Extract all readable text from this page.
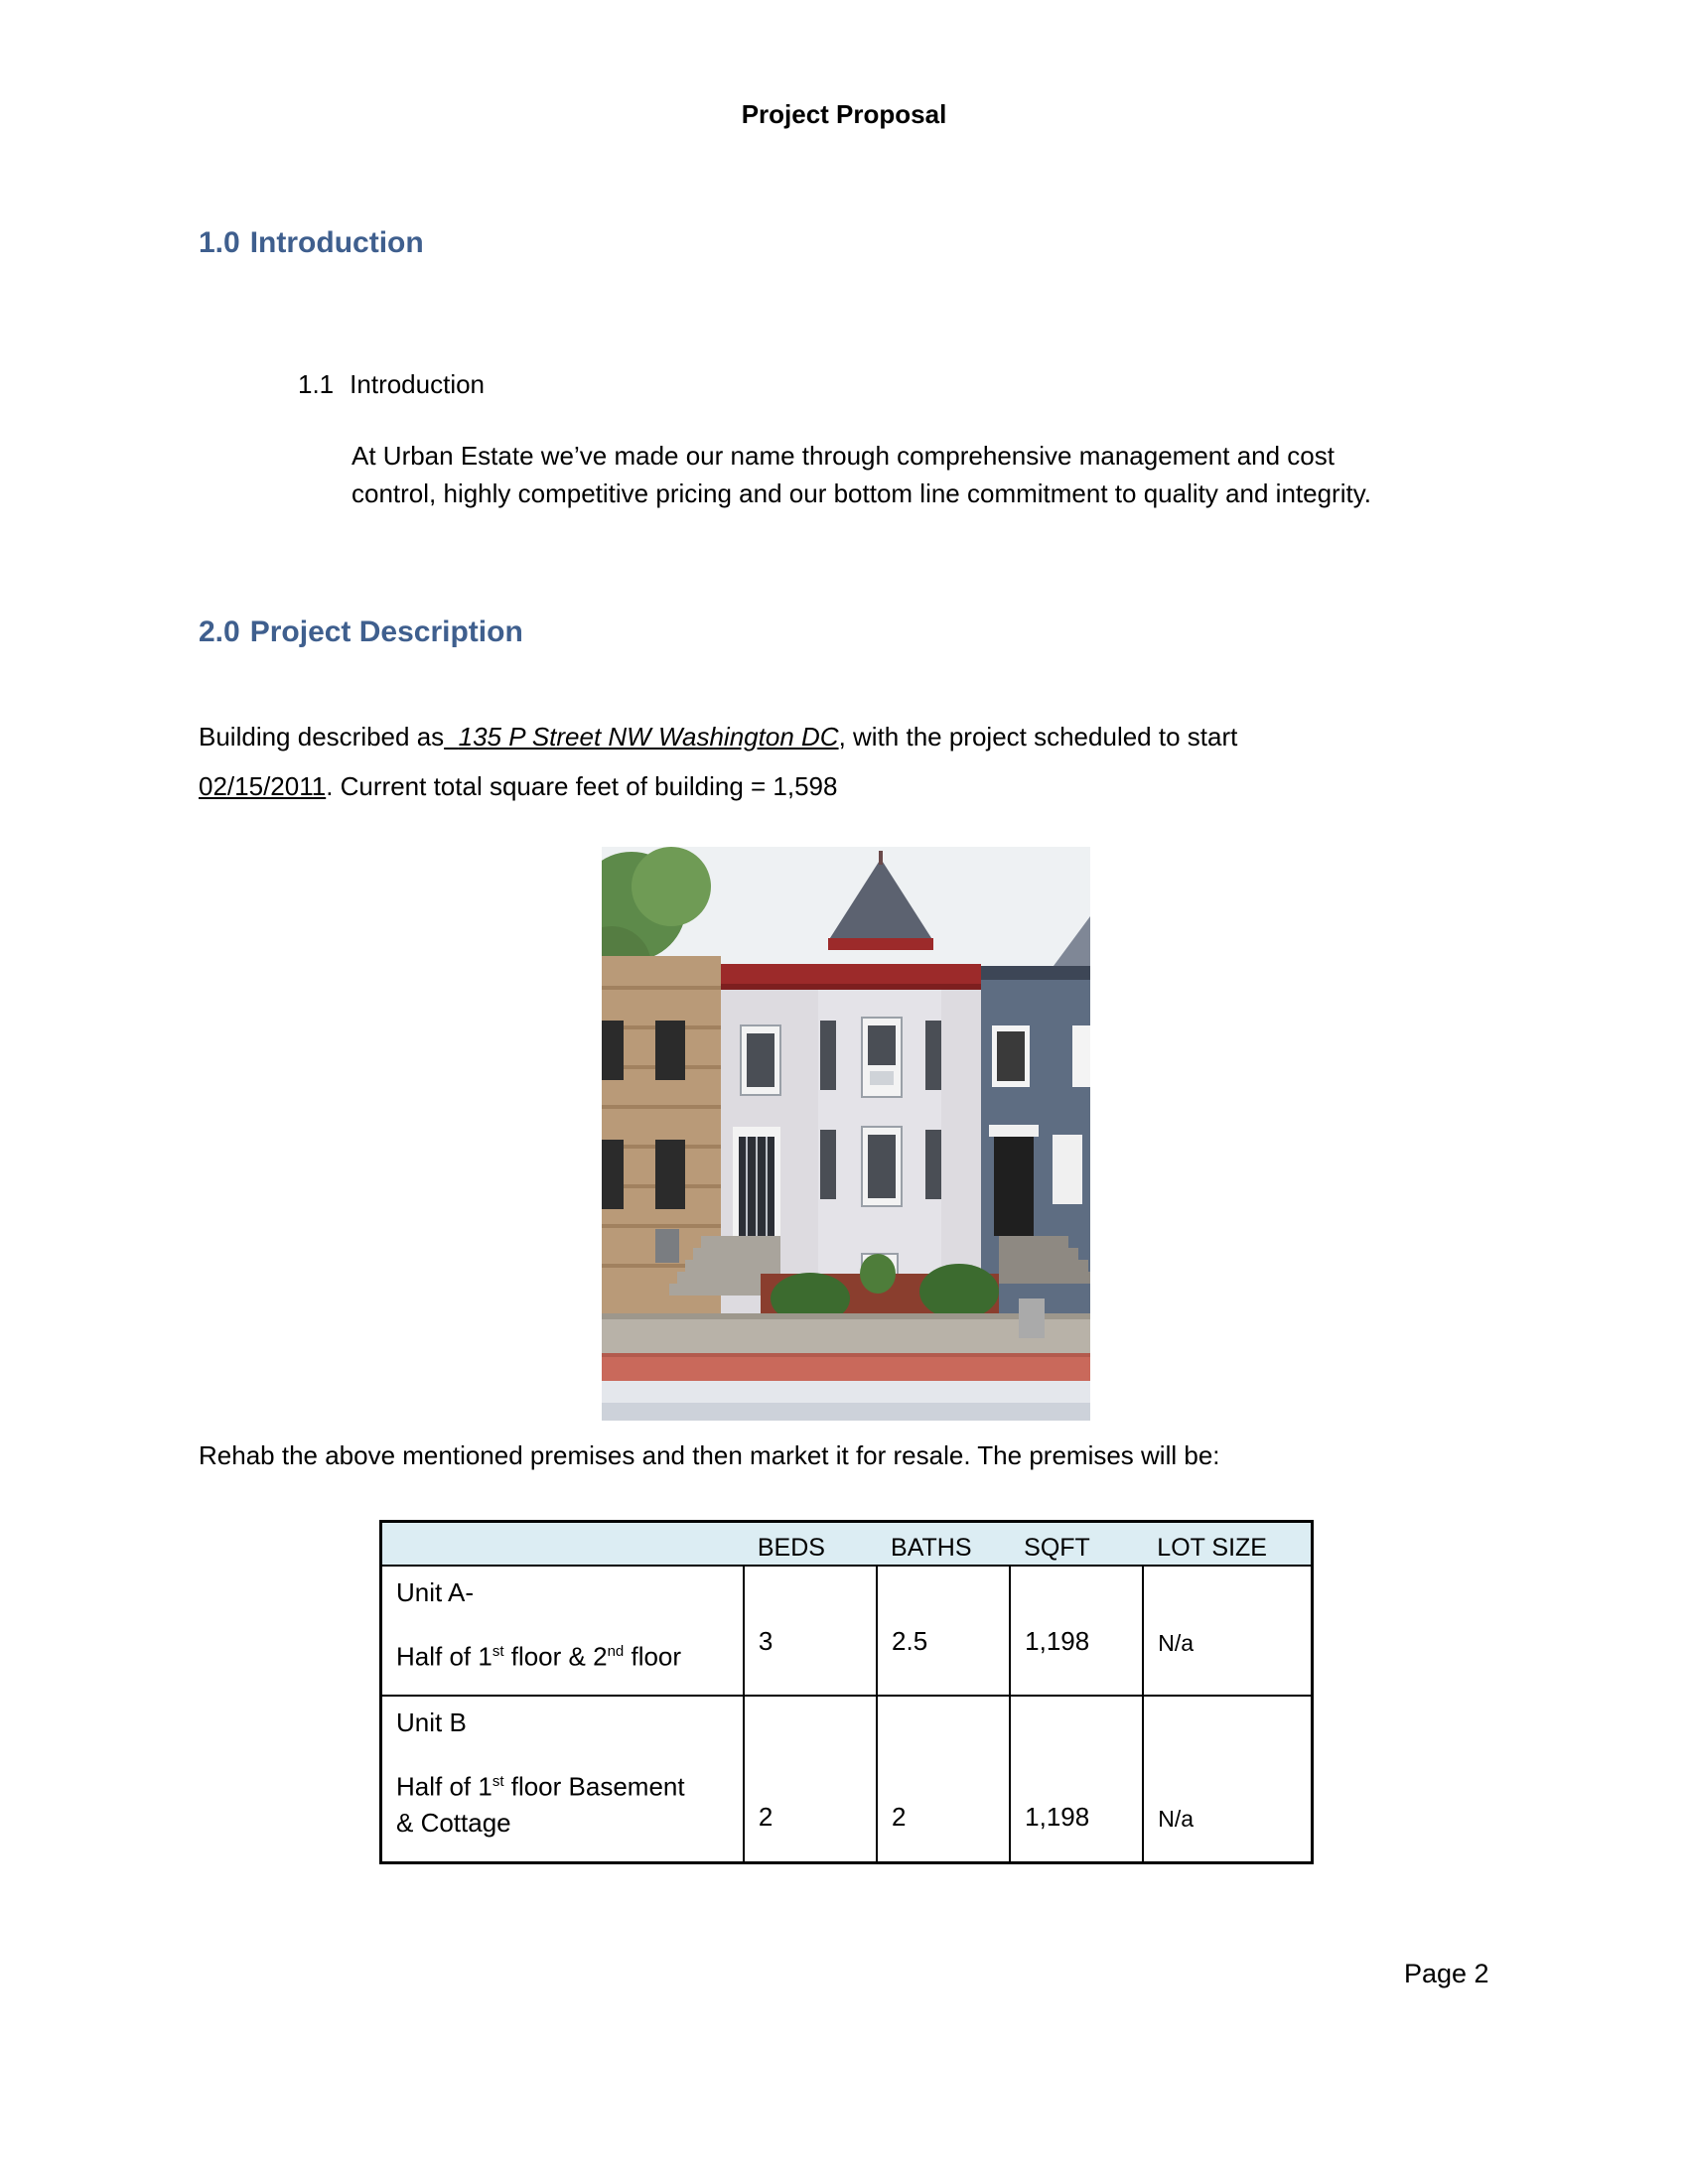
Project Proposal
1.0 Introduction
1.1 Introduction
At Urban Estate we’ve made our name through comprehensive management and cost
control, highly competitive pricing and our bottom line commitment to quality and integrity.
2.0 Project Description
Building described as 135 P Street NW Washington DC, with the project scheduled to start
02/15/2011. Current total square feet of building = 1,598
Rehab the above mentioned premises and then market it for resale. The premises will be:
	BEDS	BATHS	SQFT	LOT SIZE

Unit A-
Half of 1st floor & 2nd floor	3	2.5	1,198	N/a

Unit B
Half of 1st floor Basement
& Cottage	2	2	1,198	N/a
Page 2
